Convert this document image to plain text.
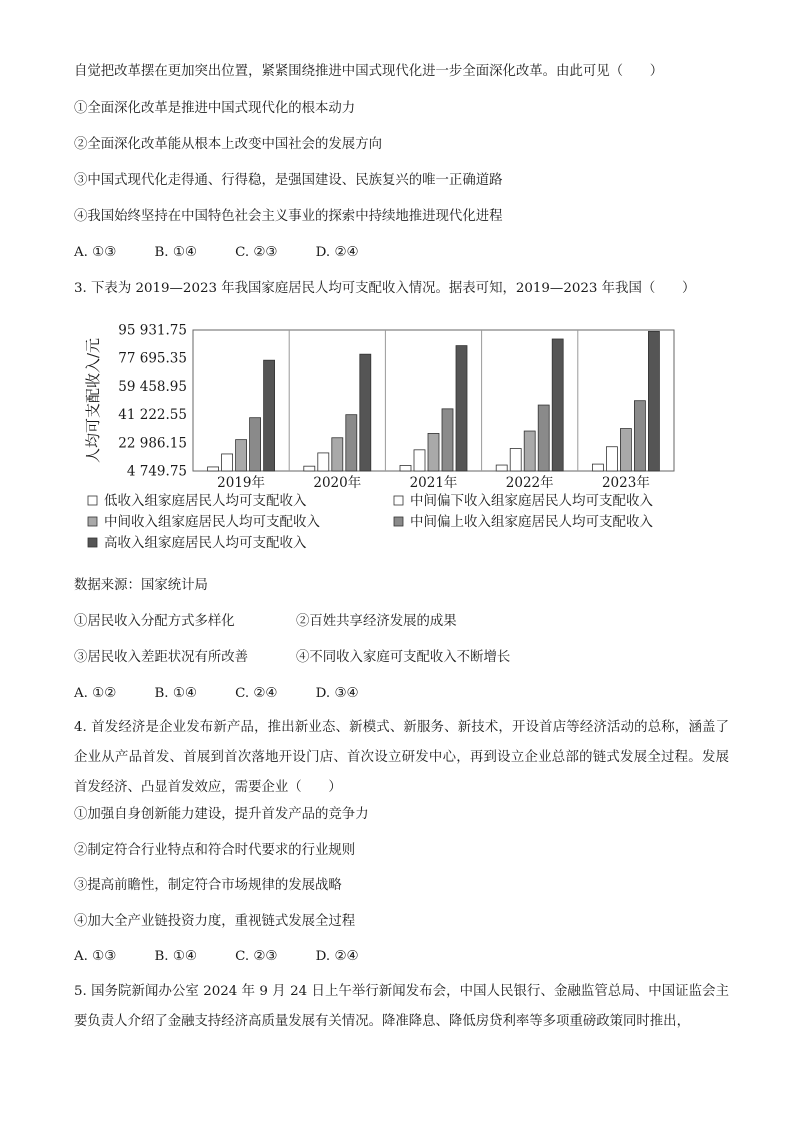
自觉把改革摆在更加突出位置，紧紧围绕推进中国式现代化进一步全面深化改革。由此可见（　　）
①全面深化改革是推进中国式现代化的根本动力
②全面深化改革能从根本上改变中国社会的发展方向
③中国式现代化走得通、行得稳，是强国建设、民族复兴的唯一正确道路
④我国始终坚持在中国特色社会主义事业的探索中持续地推进现代化进程
A. ①③	B. ①④	C. ②③	D. ②④
3. 下表为 2019—2023 年我国家庭居民人均可支配收入情况。据表可知，2019—2023 年我国（　　）
95 931.75
77 695.35
59 458.95
41 222.55
22 986.15
4 749.75
人均可支配收入/元
2019年	2020年	2021年	2022年	2023年
低收入组家庭居民人均可支配收入	中间偏下收入组家庭居民人均可支配收入
中间收入组家庭居民人均可支配收入	中间偏上收入组家庭居民人均可支配收入
高收入组家庭居民人均可支配收入
数据来源：国家统计局
①居民收入分配方式多样化	②百姓共享经济发展的成果
③居民收入差距状况有所改善	④不同收入家庭可支配收入不断增长
A. ①②	B. ①④	C. ②④	D. ③④
4. 首发经济是企业发布新产品，推出新业态、新模式、新服务、新技术，开设首店等经济活动的总称，涵盖了企业从产品首发、首展到首次落地开设门店、首次设立研发中心，再到设立企业总部的链式发展全过程。发展首发经济、凸显首发效应，需要企业（　　）
①加强自身创新能力建设，提升首发产品的竞争力
②制定符合行业特点和符合时代要求的行业规则
③提高前瞻性，制定符合市场规律的发展战略
④加大全产业链投资力度，重视链式发展全过程
A. ①③	B. ①④	C. ②③	D. ②④
5. 国务院新闻办公室 2024 年 9 月 24 日上午举行新闻发布会，中国人民银行、金融监管总局、中国证监会主要负责人介绍了金融支持经济高质量发展有关情况。降准降息、降低房贷利率等多项重磅政策同时推出，
